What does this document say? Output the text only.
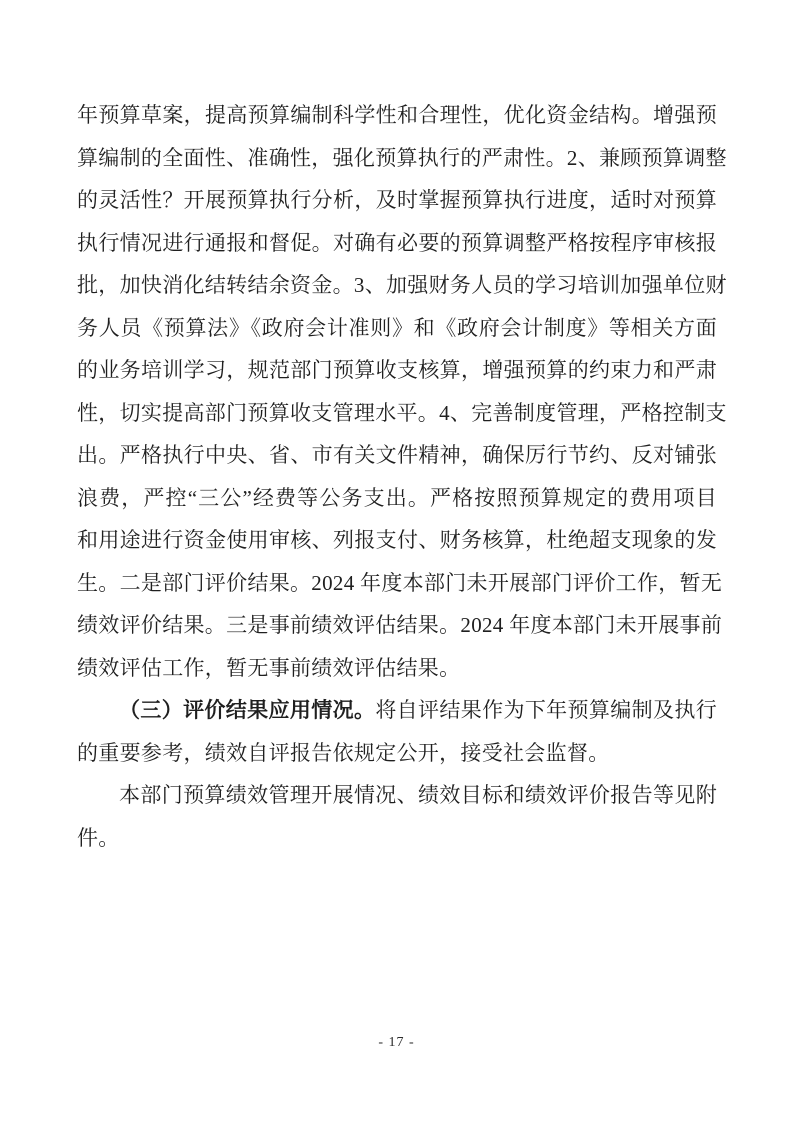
年预算草案，提高预算编制科学性和合理性，优化资金结构。增强预
算编制的全面性、准确性，强化预算执行的严肃性。2、兼顾预算调整
的灵活性？开展预算执行分析，及时掌握预算执行进度，适时对预算
执行情况进行通报和督促。对确有必要的预算调整严格按程序审核报
批，加快消化结转结余资金。3、加强财务人员的学习培训加强单位财
务人员《预算法》《政府会计准则》和《政府会计制度》等相关方面
的业务培训学习，规范部门预算收支核算，增强预算的约束力和严肃
性，切实提高部门预算收支管理水平。4、完善制度管理，严格控制支
出。严格执行中央、省、市有关文件精神，确保厉行节约、反对铺张
浪费，严控“三公”经费等公务支出。严格按照预算规定的费用项目
和用途进行资金使用审核、列报支付、财务核算，杜绝超支现象的发
生。二是部门评价结果。2024 年度本部门未开展部门评价工作，暂无
绩效评价结果。三是事前绩效评估结果。2024 年度本部门未开展事前
绩效评估工作，暂无事前绩效评估结果。
（三）评价结果应用情况。将自评结果作为下年预算编制及执行
的重要参考，绩效自评报告依规定公开，接受社会监督。
本部门预算绩效管理开展情况、绩效目标和绩效评价报告等见附
件。
- 17 -
